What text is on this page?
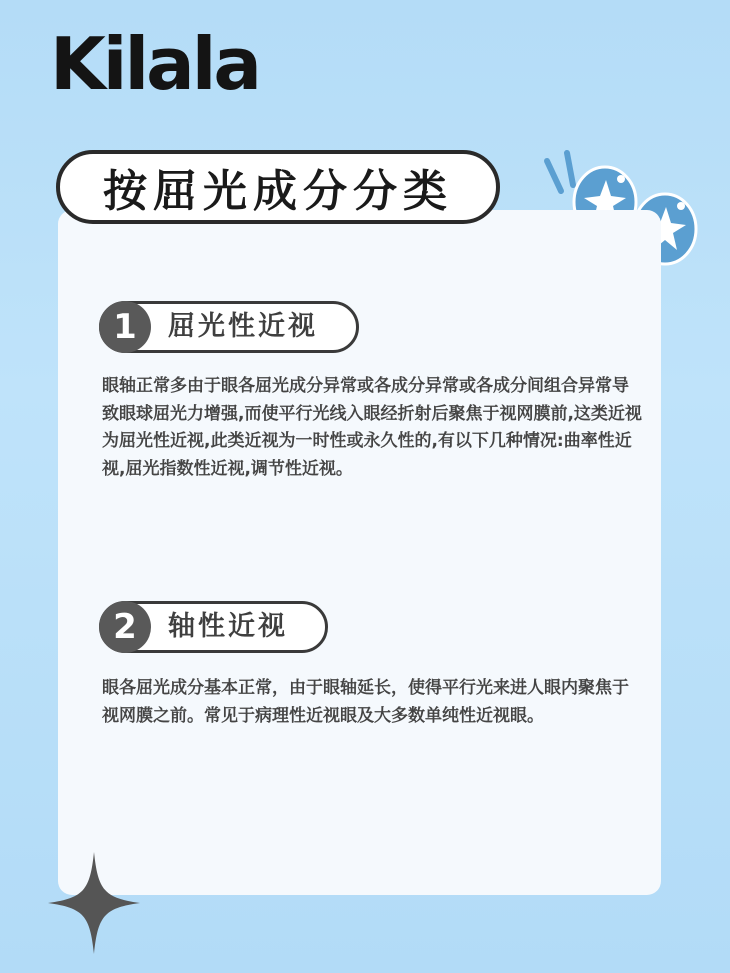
Kilala
按屈光成分分类
1	屈光性近视
眼轴正常多由于眼各屈光成分异常或各成分异常或各成分间组合异常导致眼球屈光力增强,而使平行光线入眼经折射后聚焦于视网膜前,这类近视为屈光性近视,此类近视为一时性或永久性的,有以下几种情况:曲率性近视,屈光指数性近视,调节性近视。
2	轴性近视
眼各屈光成分基本正常，由于眼轴延长，使得平行光来进人眼内聚焦于视网膜之前。常见于病理性近视眼及大多数单纯性近视眼。
